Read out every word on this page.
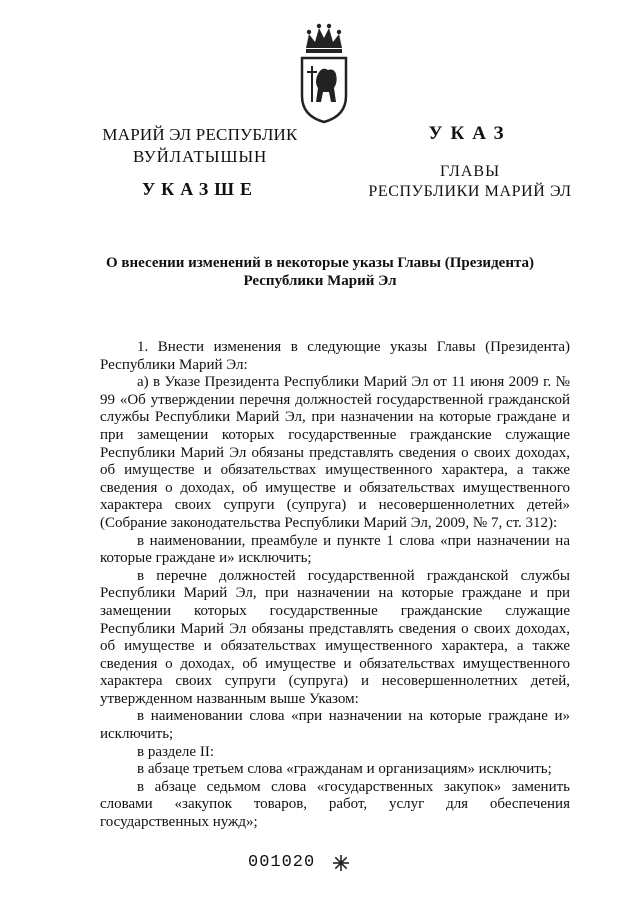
МАРИЙ ЭЛ РЕСПУБЛИК
ВУЙЛАТЫШЫН
УКАЗШЕ
УКАЗ
ГЛАВЫ
РЕСПУБЛИКИ МАРИЙ ЭЛ
О внесении изменений в некоторые указы Главы (Президента)
Республики Марий Эл

1. Внести изменения в следующие указы Главы (Президента) Республики Марий Эл:

а) в Указе Президента Республики Марий Эл от 11 июня 2009 г. № 99 «Об утверждении перечня должностей государственной гражданской службы Республики Марий Эл, при назначении на которые граждане и при замещении которых государственные гражданские служащие Республики Марий Эл обязаны представлять сведения о своих доходах, об имуществе и обязательствах имущественного характера, а также сведения о доходах, об имуществе и обязательствах имущественного характера своих супруги (супруга) и несовершеннолетних детей» (Собрание законодательства Республики Марий Эл, 2009, № 7, ст. 312):

в наименовании, преамбуле и пункте 1 слова «при назначении на которые граждане и» исключить;

в перечне должностей государственной гражданской службы Республики Марий Эл, при назначении на которые граждане и при замещении которых государственные гражданские служащие Республики Марий Эл обязаны представлять сведения о своих доходах, об имуществе и обязательствах имущественного характера, а также сведения о доходах, об имуществе и обязательствах имущественного характера своих супруги (супруга) и несовершеннолетних детей, утвержденном названным выше Указом:

в наименовании слова «при назначении на которые граждане и» исключить;

в разделе II:

в абзаце третьем слова «гражданам и организациям» исключить;

в абзаце седьмом слова «государственных закупок» заменить словами «закупок товаров, работ, услуг для обеспечения государственных нужд»;

001020
